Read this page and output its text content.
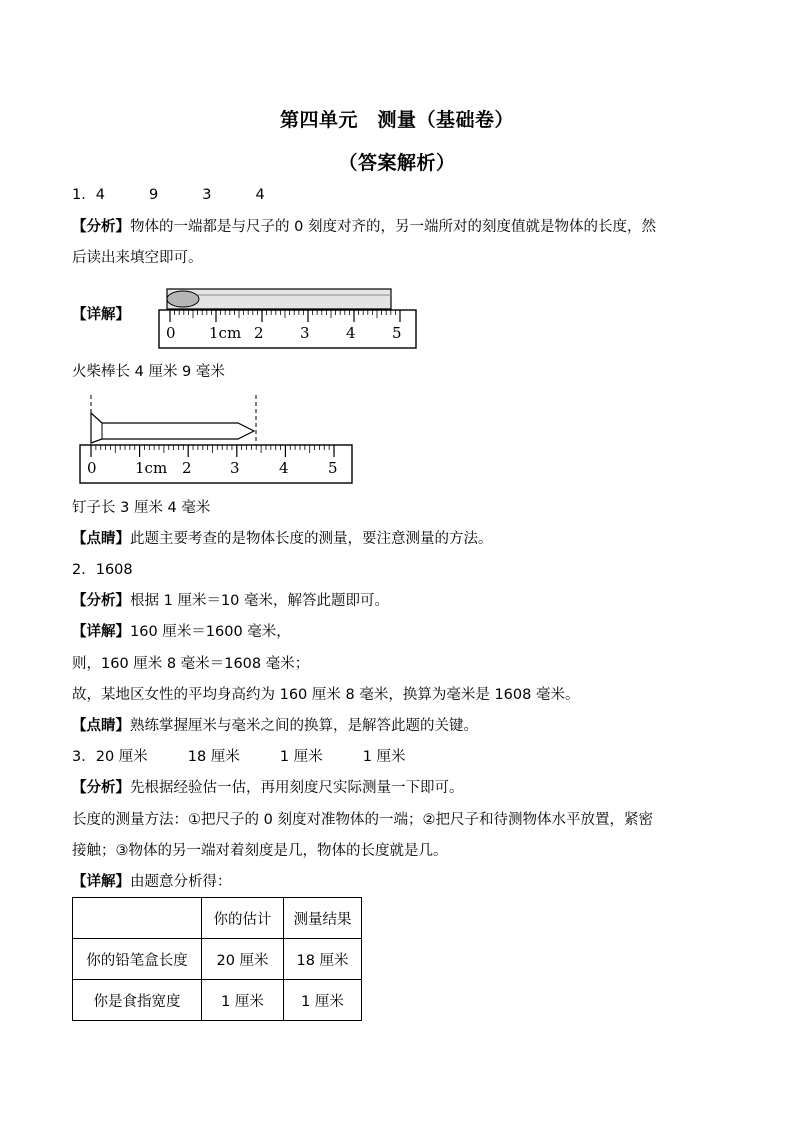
第四单元　测量（基础卷）
（答案解析）
1．4	9	3	4
【分析】物体的一端都是与尺子的 0 刻度对齐的，另一端所对的刻度值就是物体的长度，然
后读出来填空即可。
【详解】
0 1cm 2 3 4 5
火柴棒长 4 厘米 9 毫米
0	1cm 2	3	4	5
钉子长 3 厘米 4 毫米
【点睛】此题主要考查的是物体长度的测量，要注意测量的方法。
2．1608
【分析】根据 1 厘米＝10 毫米，解答此题即可。
【详解】160 厘米＝1600 毫米，
则，160 厘米 8 毫米＝1608 毫米；
故，某地区女性的平均身高约为 160 厘米 8 毫米，换算为毫米是 1608 毫米。
【点睛】熟练掌握厘米与毫米之间的换算，是解答此题的关键。
3．20 厘米	18 厘米	1 厘米	1 厘米
【分析】先根据经验估一估，再用刻度尺实际测量一下即可。
长度的测量方法：①把尺子的 0 刻度对准物体的一端；②把尺子和待测物体水平放置，紧密
接触；③物体的另一端对着刻度是几，物体的长度就是几。
【详解】由题意分析得：
	你的估计	测量结果
你的铅笔盒长度	20 厘米	18 厘米
你是食指宽度	1 厘米	1 厘米
